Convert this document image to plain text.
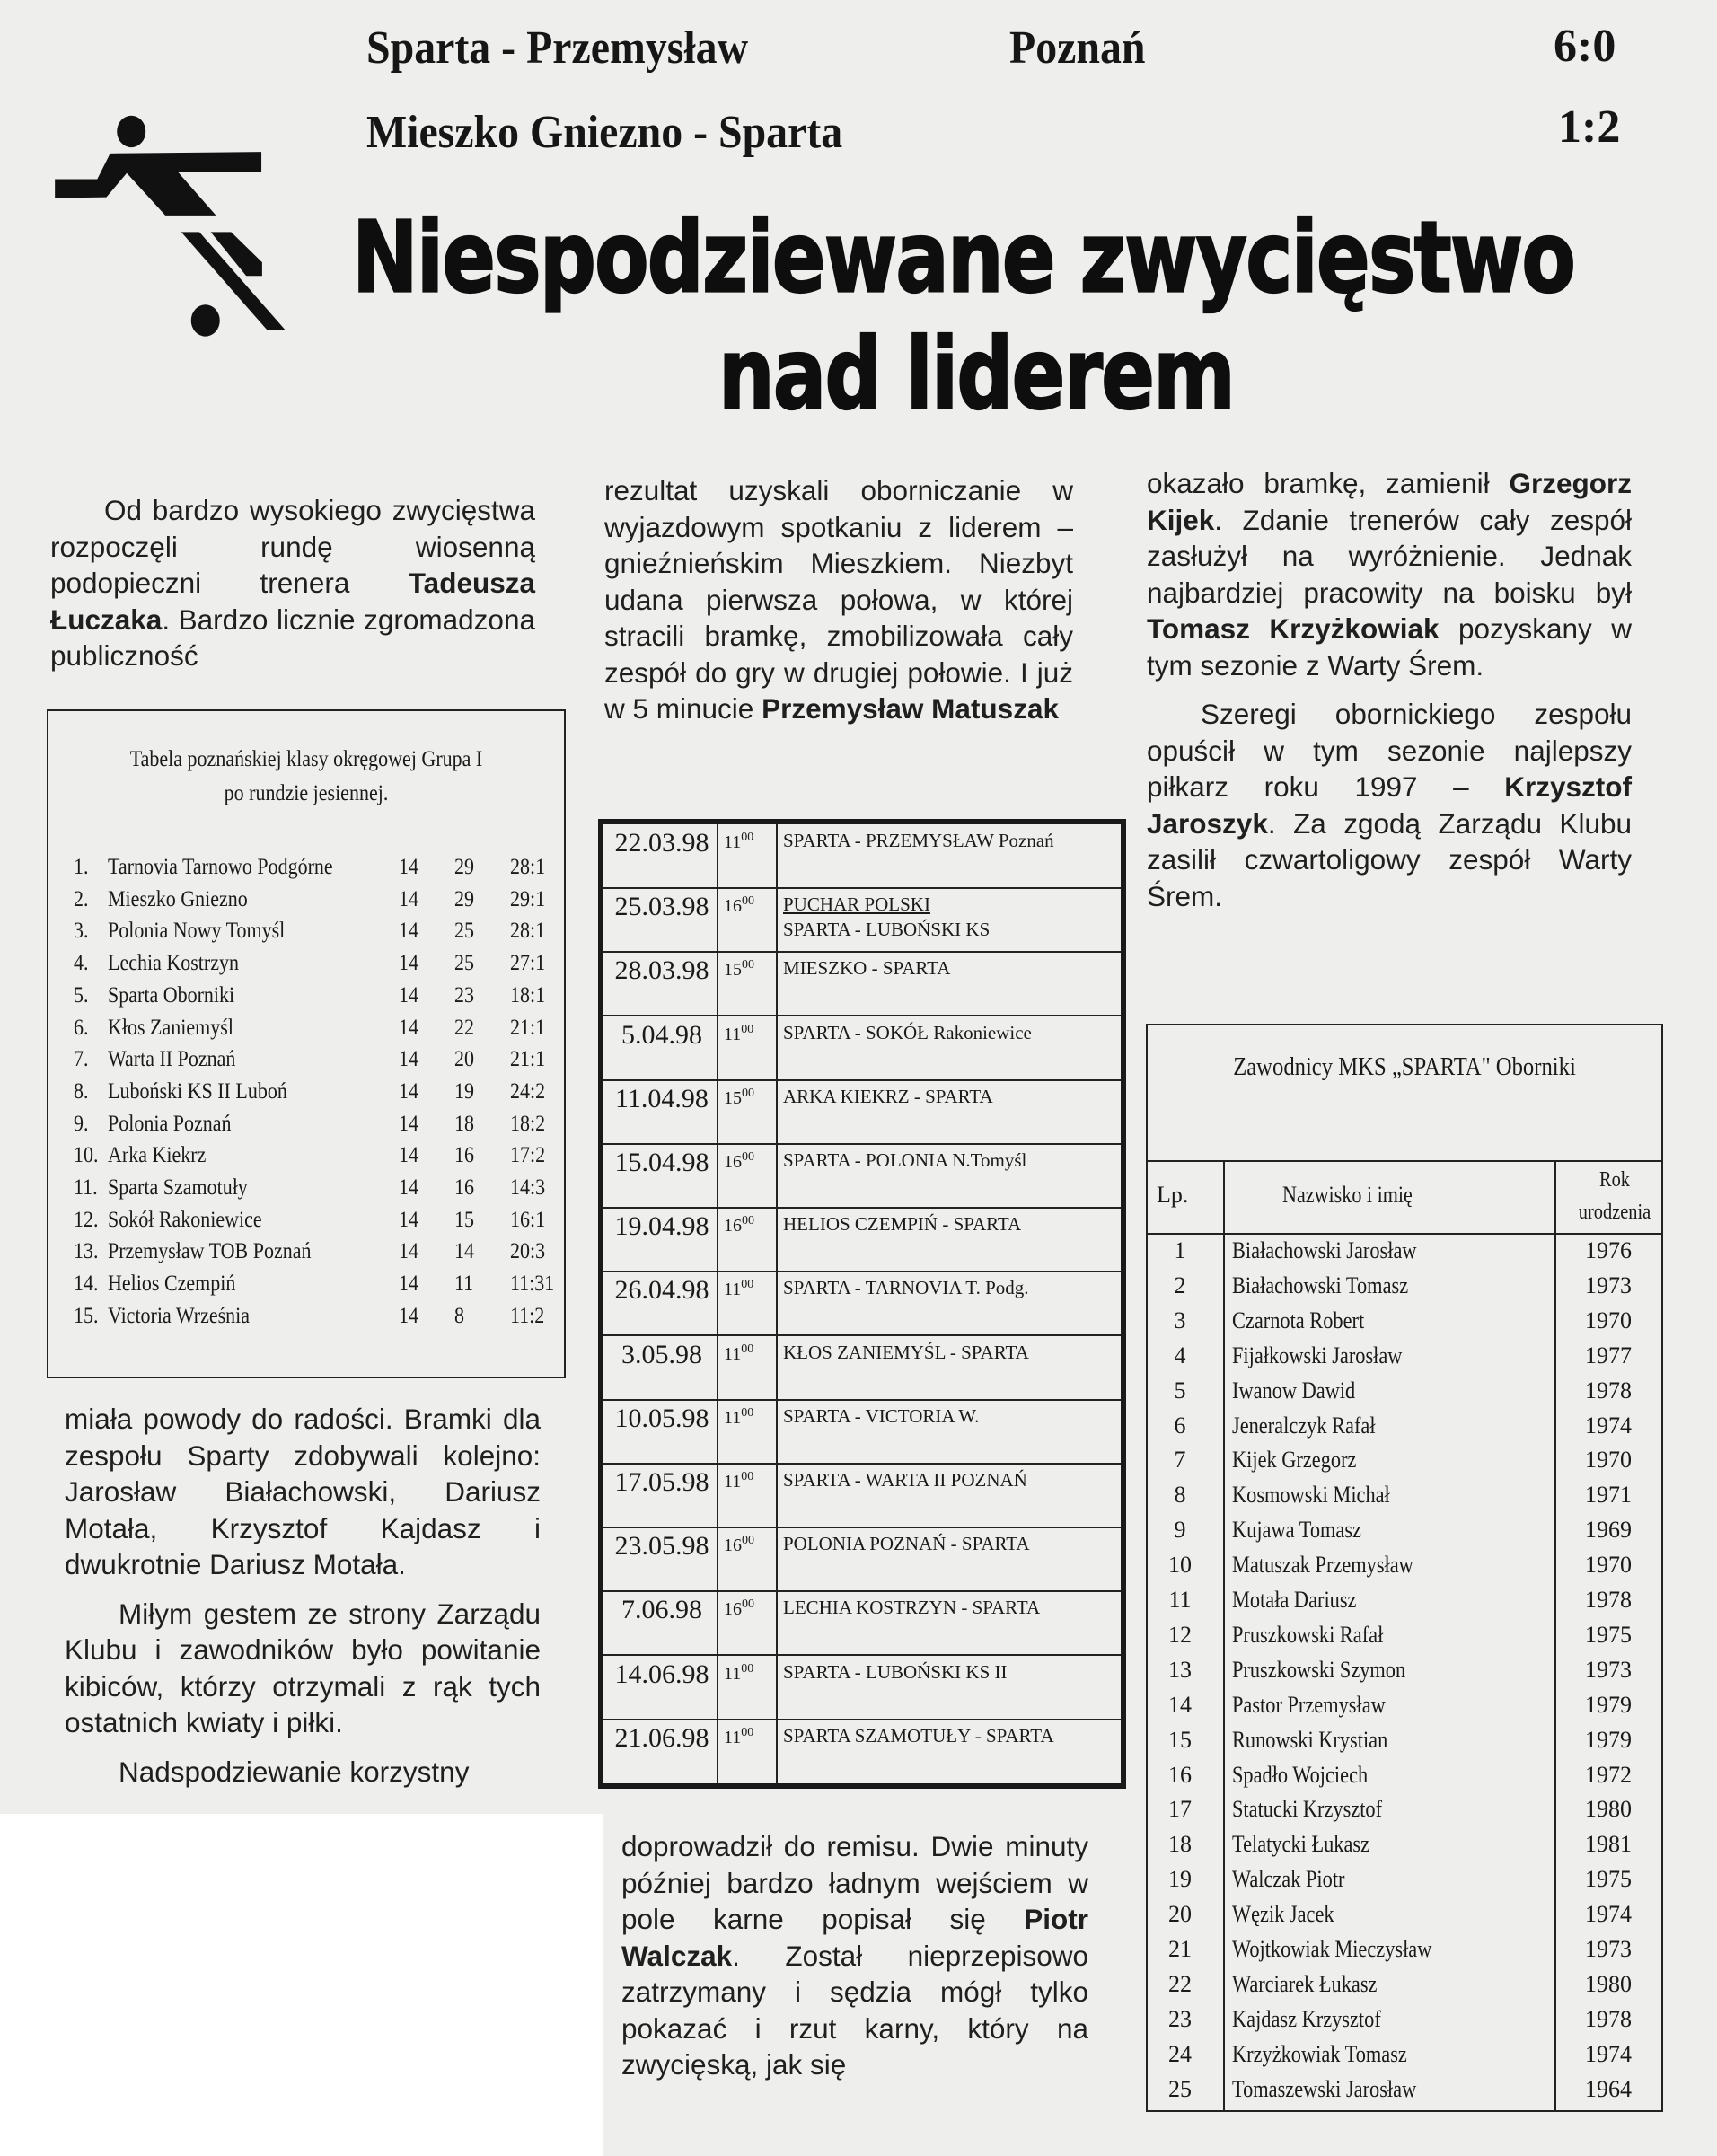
Sparta - Przemysław	Poznań	6:0
Mieszko Gniezno - Sparta	1:2
Niespodziewane zwycięstwo
nad liderem

Od bardzo wysokiego zwycięstwa rozpoczęli rundę wiosenną podopieczni trenera Tadeusza Łuczaka. Bardzo licznie zgromadzona publiczność

Tabela poznańskiej klasy okręgowej Grupa I
po rundzie jesiennej.
1. Tarnovia Tarnowo Podgórne	14 29 28:1
2. Mieszko Gniezno	14 29 29:1
3. Polonia Nowy Tomyśl	14 25 28:1
4. Lechia Kostrzyn	14 25 27:1
5. Sparta Oborniki	14 23 18:1
6. Kłos Zaniemyśl	14 22 21:1
7. Warta II Poznań	14 20 21:1
8. Luboński KS II Luboń	14 19 24:2
9. Polonia Poznań	14 18 18:2
10. Arka Kiekrz	14 16 17:2
11. Sparta Szamotuły	14 16 14:3
12. Sokół Rakoniewice	14 15 16:1
13. Przemysław TOB Poznań	14 14 20:3
14. Helios Czempiń	14 11 11:31
15. Victoria Września	14 8 11:2

miała powody do radości. Bramki dla zespołu Sparty zdobywali kolejno: Jarosław Białachowski, Dariusz Motała, Krzysztof Kajdasz i dwukrotnie Dariusz Motała.

Miłym gestem ze strony Zarządu Klubu i zawodników było powitanie kibiców, którzy otrzymali z rąk tych ostatnich kwiaty i piłki.

Nadspodziewanie korzystny

rezultat uzyskali oborniczanie w wyjazdowym spotkaniu z liderem – gnieźnieńskim Mieszkiem. Niezbyt udana pierwsza połowa, w której stracili bramkę, zmobilizowała cały zespół do gry w drugiej połowie. I już w 5 minucie Przemysław Matuszak

22.03.98 $11^{00}$ SPARTA - PRZEMYSŁAW Poznań
25.03.98 $16^{00}$ PUCHAR POLSKI
SPARTA - LUBOŃSKI KS
28.03.98 $15^{00}$ MIESZKO - SPARTA
5.04.98	$11^{00}$ SPARTA - SOKÓŁ Rakoniewice
11.04.98 $15^{00}$ ARKA KIEKRZ - SPARTA
15.04.98 $16^{00}$ SPARTA - POLONIA N.Tomyśl
19.04.98 $16^{00}$ HELIOS CZEMPIŃ - SPARTA
26.04.98 $11^{00}$ SPARTA - TARNOVIA T. Podg.
3.05.98	$11^{00}$ KŁOS ZANIEMYŚL - SPARTA
10.05.98 $11^{00}$ SPARTA - VICTORIA W.
17.05.98 $11^{00}$ SPARTA - WARTA II POZNAŃ
23.05.98 $16^{00}$ POLONIA POZNAŃ - SPARTA
7.06.98	$16^{00}$ LECHIA KOSTRZYN - SPARTA
14.06.98 $11^{00}$ SPARTA - LUBOŃSKI KS II
21.06.98 $11^{00}$ SPARTA SZAMOTUŁY - SPARTA

doprowadził do remisu. Dwie minuty później bardzo ładnym wejściem w pole karne popisał się Piotr Walczak. Został nieprzepisowo zatrzymany i sędzia mógł tylko pokazać i rzut karny, który na zwycięską, jak się

okazało bramkę, zamienił Grzegorz Kijek. Zdanie trenerów cały zespół zasłużył na wyróżnienie. Jednak najbardziej pracowity na boisku był Tomasz Krzyżkowiak pozyskany w tym sezonie z Warty Śrem.

Szeregi obornickiego zespołu opuścił w tym sezonie najlepszy piłkarz roku 1997 – Krzysztof Jaroszyk. Za zgodą Zarządu Klubu zasilił czwartoligowy zespół Warty Śrem.

Zawodnicy MKS „SPARTA" Oborniki
Lp.	Nazwisko i imię
Rok
urodzenia
1	Białachowski Jarosław	1976
2	Białachowski Tomasz	1973
3	Czarnota Robert	1970
4	Fijałkowski Jarosław	1977
5	Iwanow Dawid	1978
6	Jeneralczyk Rafał	1974
7	Kijek Grzegorz	1970
8	Kosmowski Michał	1971
9	Kujawa Tomasz	1969
10	Matuszak Przemysław	1970
11	Motała Dariusz	1978
12	Pruszkowski Rafał	1975
13	Pruszkowski Szymon	1973
14	Pastor Przemysław	1979
15	Runowski Krystian	1979
16	Spadło Wojciech	1972
17	Statucki Krzysztof	1980
18	Telatycki Łukasz	1981
19	Walczak Piotr	1975
20	Węzik Jacek	1974
21	Wojtkowiak Mieczysław	1973
22	Warciarek Łukasz	1980
23	Kajdasz Krzysztof	1978
24	Krzyżkowiak Tomasz	1974
25	Tomaszewski Jarosław	1964
